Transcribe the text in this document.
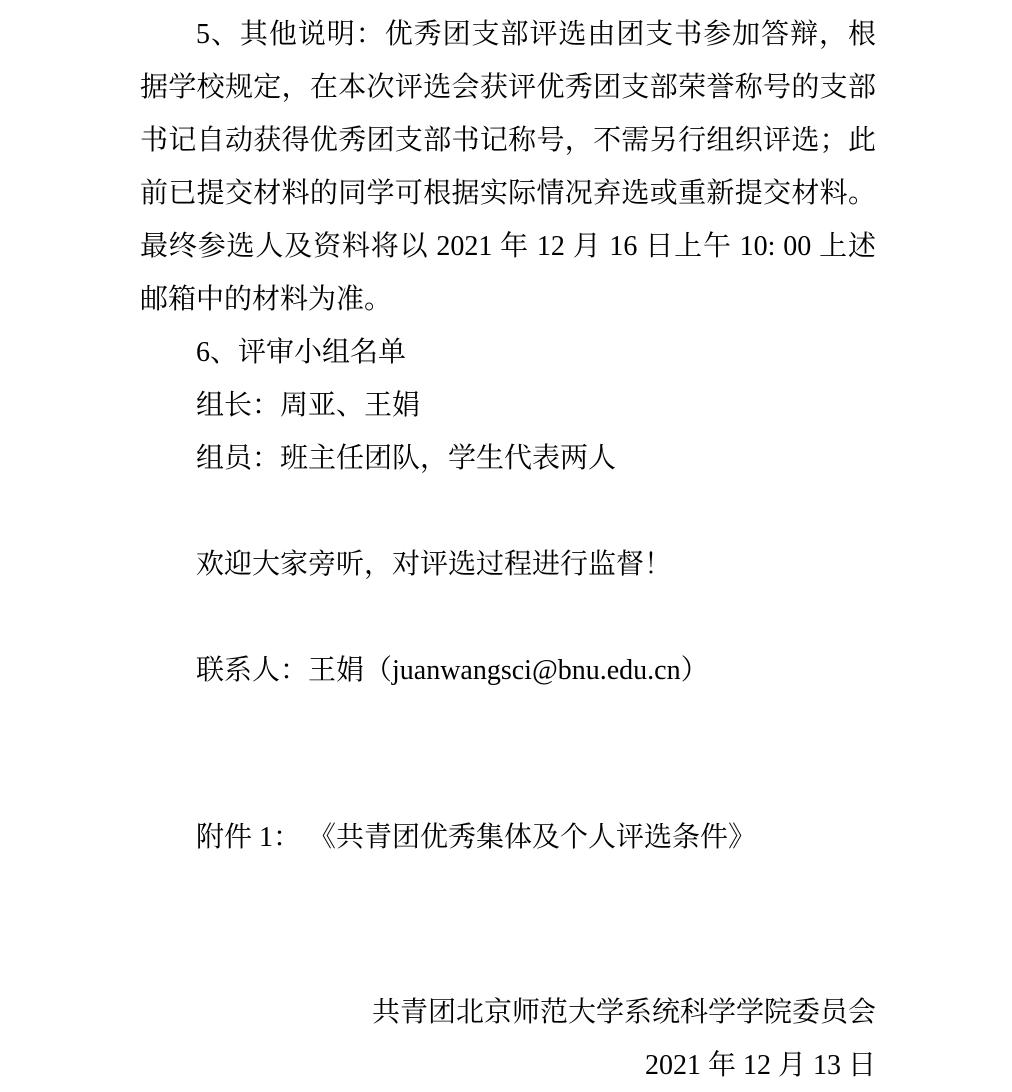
5、其他说明：优秀团支部评选由团支书参加答辩，根
据学校规定，在本次评选会获评优秀团支部荣誉称号的支部
书记自动获得优秀团支部书记称号，不需另行组织评选；此
前已提交材料的同学可根据实际情况弃选或重新提交材料。
最终参选人及资料将以 2021 年 12 月 16 日上午 10: 00 上述
邮箱中的材料为准。
6、评审小组名单
组长：周亚、王娟
组员：班主任团队，学生代表两人
欢迎大家旁听，对评选过程进行监督！
联系人：王娟（juanwangsci@bnu.edu.cn）
附件 1： 《共青团优秀集体及个人评选条件》
共青团北京师范大学系统科学学院委员会
2021 年 12 月 13 日
